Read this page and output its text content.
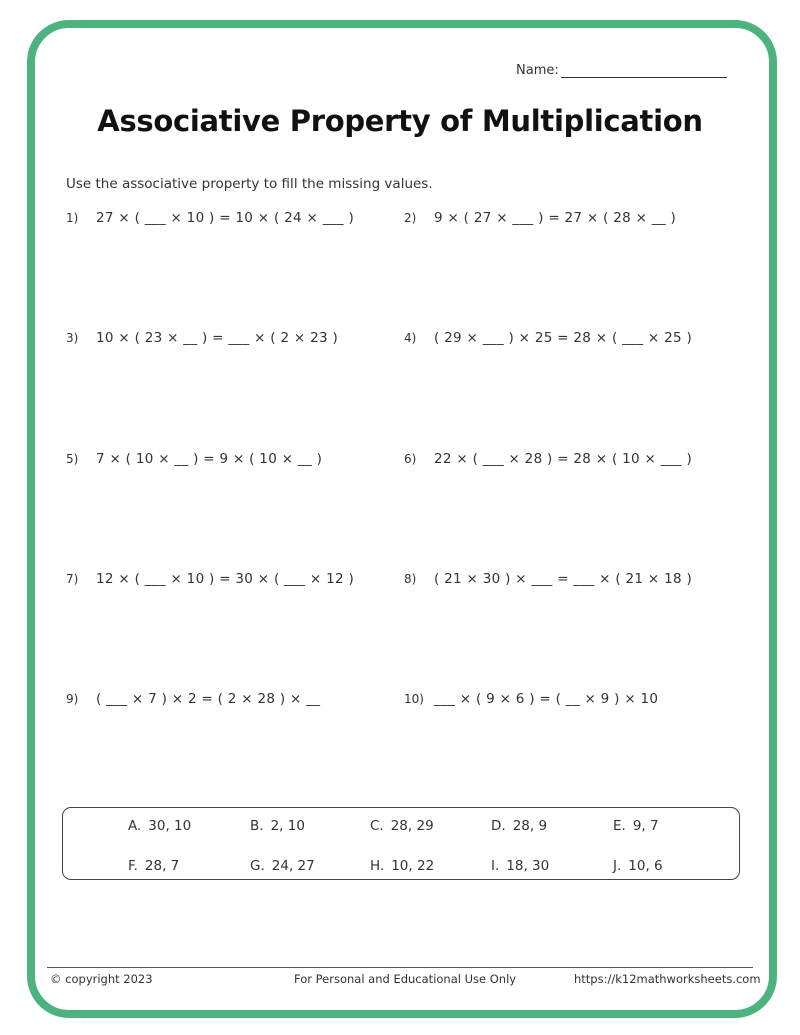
Name:
Associative Property of Multiplication
Use the associative property to fill the missing values.
1)	27 × ( ___ × 10 ) = 10 × ( 24 × ___ )	2)	9 × ( 27 × ___ ) = 27 × ( 28 × __ )
3)	10 × ( 23 × __ ) = ___ × ( 2 × 23 )	4)	( 29 × ___ ) × 25 = 28 × ( ___ × 25 )
5)	7 × ( 10 × __ ) = 9 × ( 10 × __ )	6)	22 × ( ___ × 28 ) = 28 × ( 10 × ___ )
7)	12 × ( ___ × 10 ) = 30 × ( ___ × 12 )	8)	( 21 × 30 ) × ___ = ___ × ( 21 × 18 )
9)	( ___ × 7 ) × 2 = ( 2 × 28 ) × __	10) ___ × ( 9 × 6 ) = ( __ × 9 ) × 10
A. 30, 10	B. 2, 10	C. 28, 29	D. 28, 9	E. 9, 7
F. 28, 7	G. 24, 27	H. 10, 22	I. 18, 30	J. 10, 6
© copyright 2023	For Personal and Educational Use Only	https://k12mathworksheets.com
